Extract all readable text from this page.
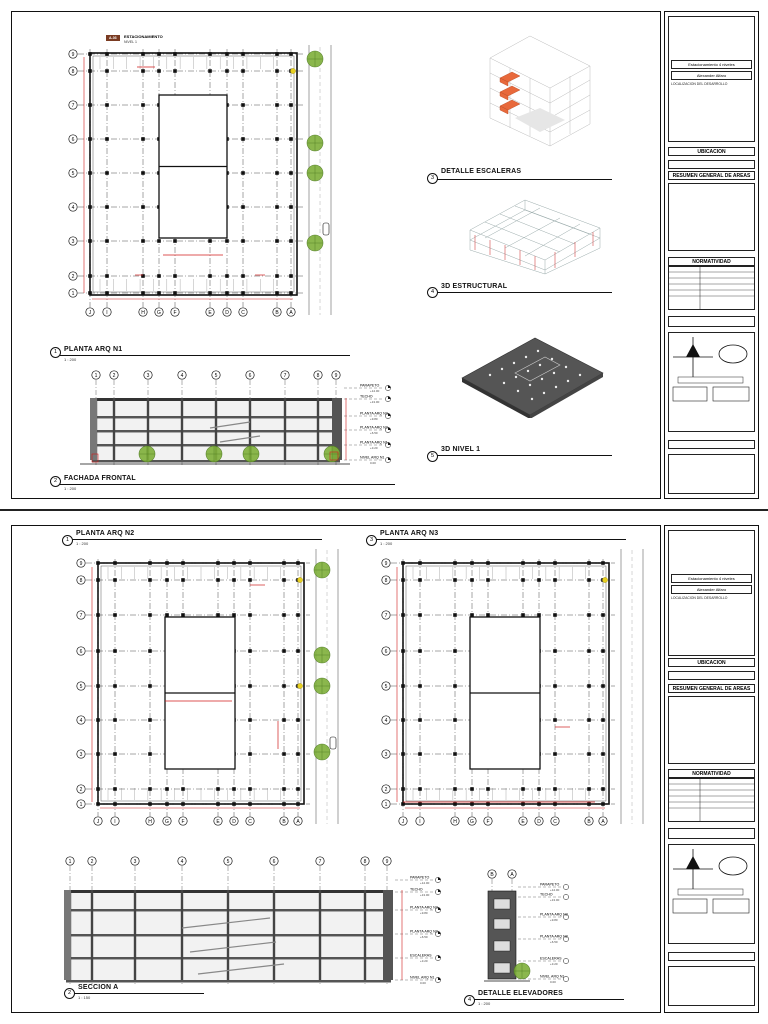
A-03	ESTACIONAMIENTO
NIVEL 1
9
8
7
6
5
4
3
2
1
J	I	H G	F	E	D C	B A
1 PLANTA ARQ N1
1 : 200
1	2	3	4	5	6	7	8	9
PARAPETO
+14.00
TECHO
+13.00
PLANTA ARQ N3
+9.80
PLANTA ARQ N2
+6.50
PLANTA ARQ N1
+3.20
NIVEL ARQ N1
0.00
2 FACHADA FRONTAL
1 : 200
3
DETALLE ESCALERAS
4
3D ESTRUCTURAL
5
3D NIVEL 1
Estacionamiento 4 niveles
Alexander Alfaro
LOCALIZACION DEL DESARROLLO
UBICACION
RESUMEN GENERAL DE AREAS
NORMATIVIDAD
1
PLANTA ARQ N2
1 : 200
3
PLANTA ARQ N3
1 : 200
9
8
7
6
5
4
3
2
1
J	I	H	G	F	E	D C	B A
9
8
7
6
5
4
3
2
1
J	I	H	G	F	E	D C	B A
1	2	3	4	5	6	7	8	9
PARAPETO
+14.00
TECHO
+13.00
PLANTA ARQ N3
+9.80
PLANTA ARQ N2
+6.50
ESCALERAS
+3.20
NIVEL ARQ N1
0.00
2
SECCION A
1 : 150
B	A
PARAPETO
+14.00
TECHO
+13.00
PLANTA ARQ N3
+9.80
PLANTA ARQ N2
+6.50
ESCALERAS
+3.20
NIVEL ARQ N1
0.00
4
DETALLE ELEVADORES
1 : 200
Estacionamiento 4 niveles
Alexander Alfaro
LOCALIZACION DEL DESARROLLO
UBICACION
RESUMEN GENERAL DE AREAS
NORMATIVIDAD
